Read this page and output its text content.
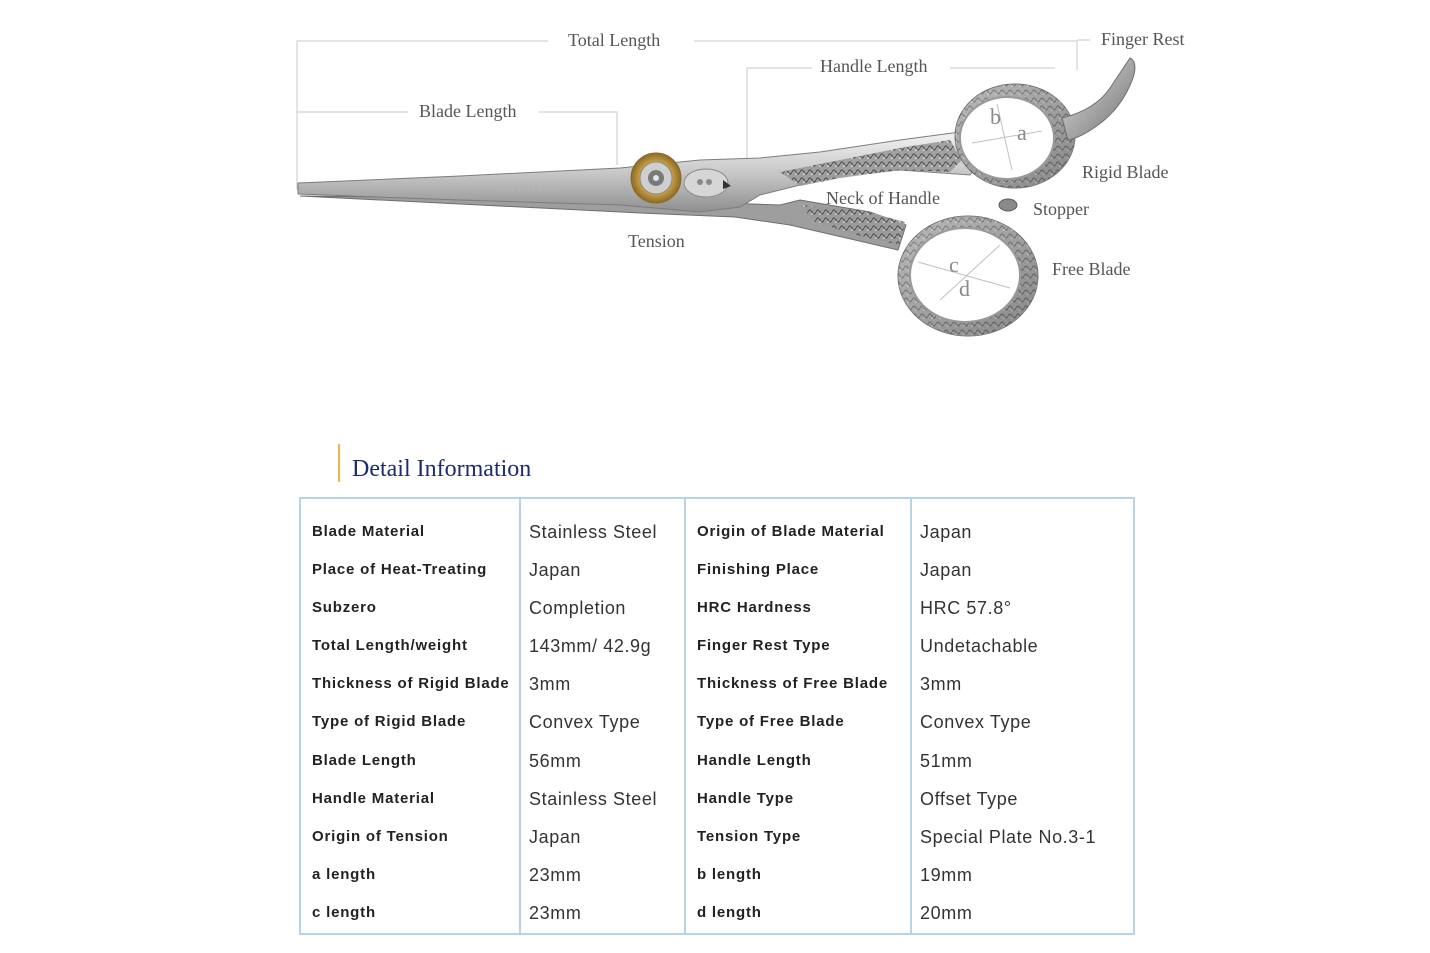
MICHIKO
Total Length
Handle Length
Finger Rest
Blade Length
Rigid Blade
Neck of Handle
Stopper
Tension
Free Blade
b
a
c
d
Detail Information
Blade Material
Place of Heat-Treating
Subzero
Total Length/weight
Thickness of Rigid Blade
Type of Rigid Blade
Blade Length
Handle Material
Origin of Tension
a length
c length
Stainless Steel
Japan
Completion
143mm/ 42.9g
3mm
Convex Type
56mm
Stainless Steel
Japan
23mm
23mm
Origin of Blade Material
Finishing Place
HRC Hardness
Finger Rest Type
Thickness of Free Blade
Type of Free Blade
Handle Length
Handle Type
Tension Type
b length
d length
Japan
Japan
HRC 57.8°
Undetachable
3mm
Convex Type
51mm
Offset Type
Special Plate No.3-1
19mm
20mm
